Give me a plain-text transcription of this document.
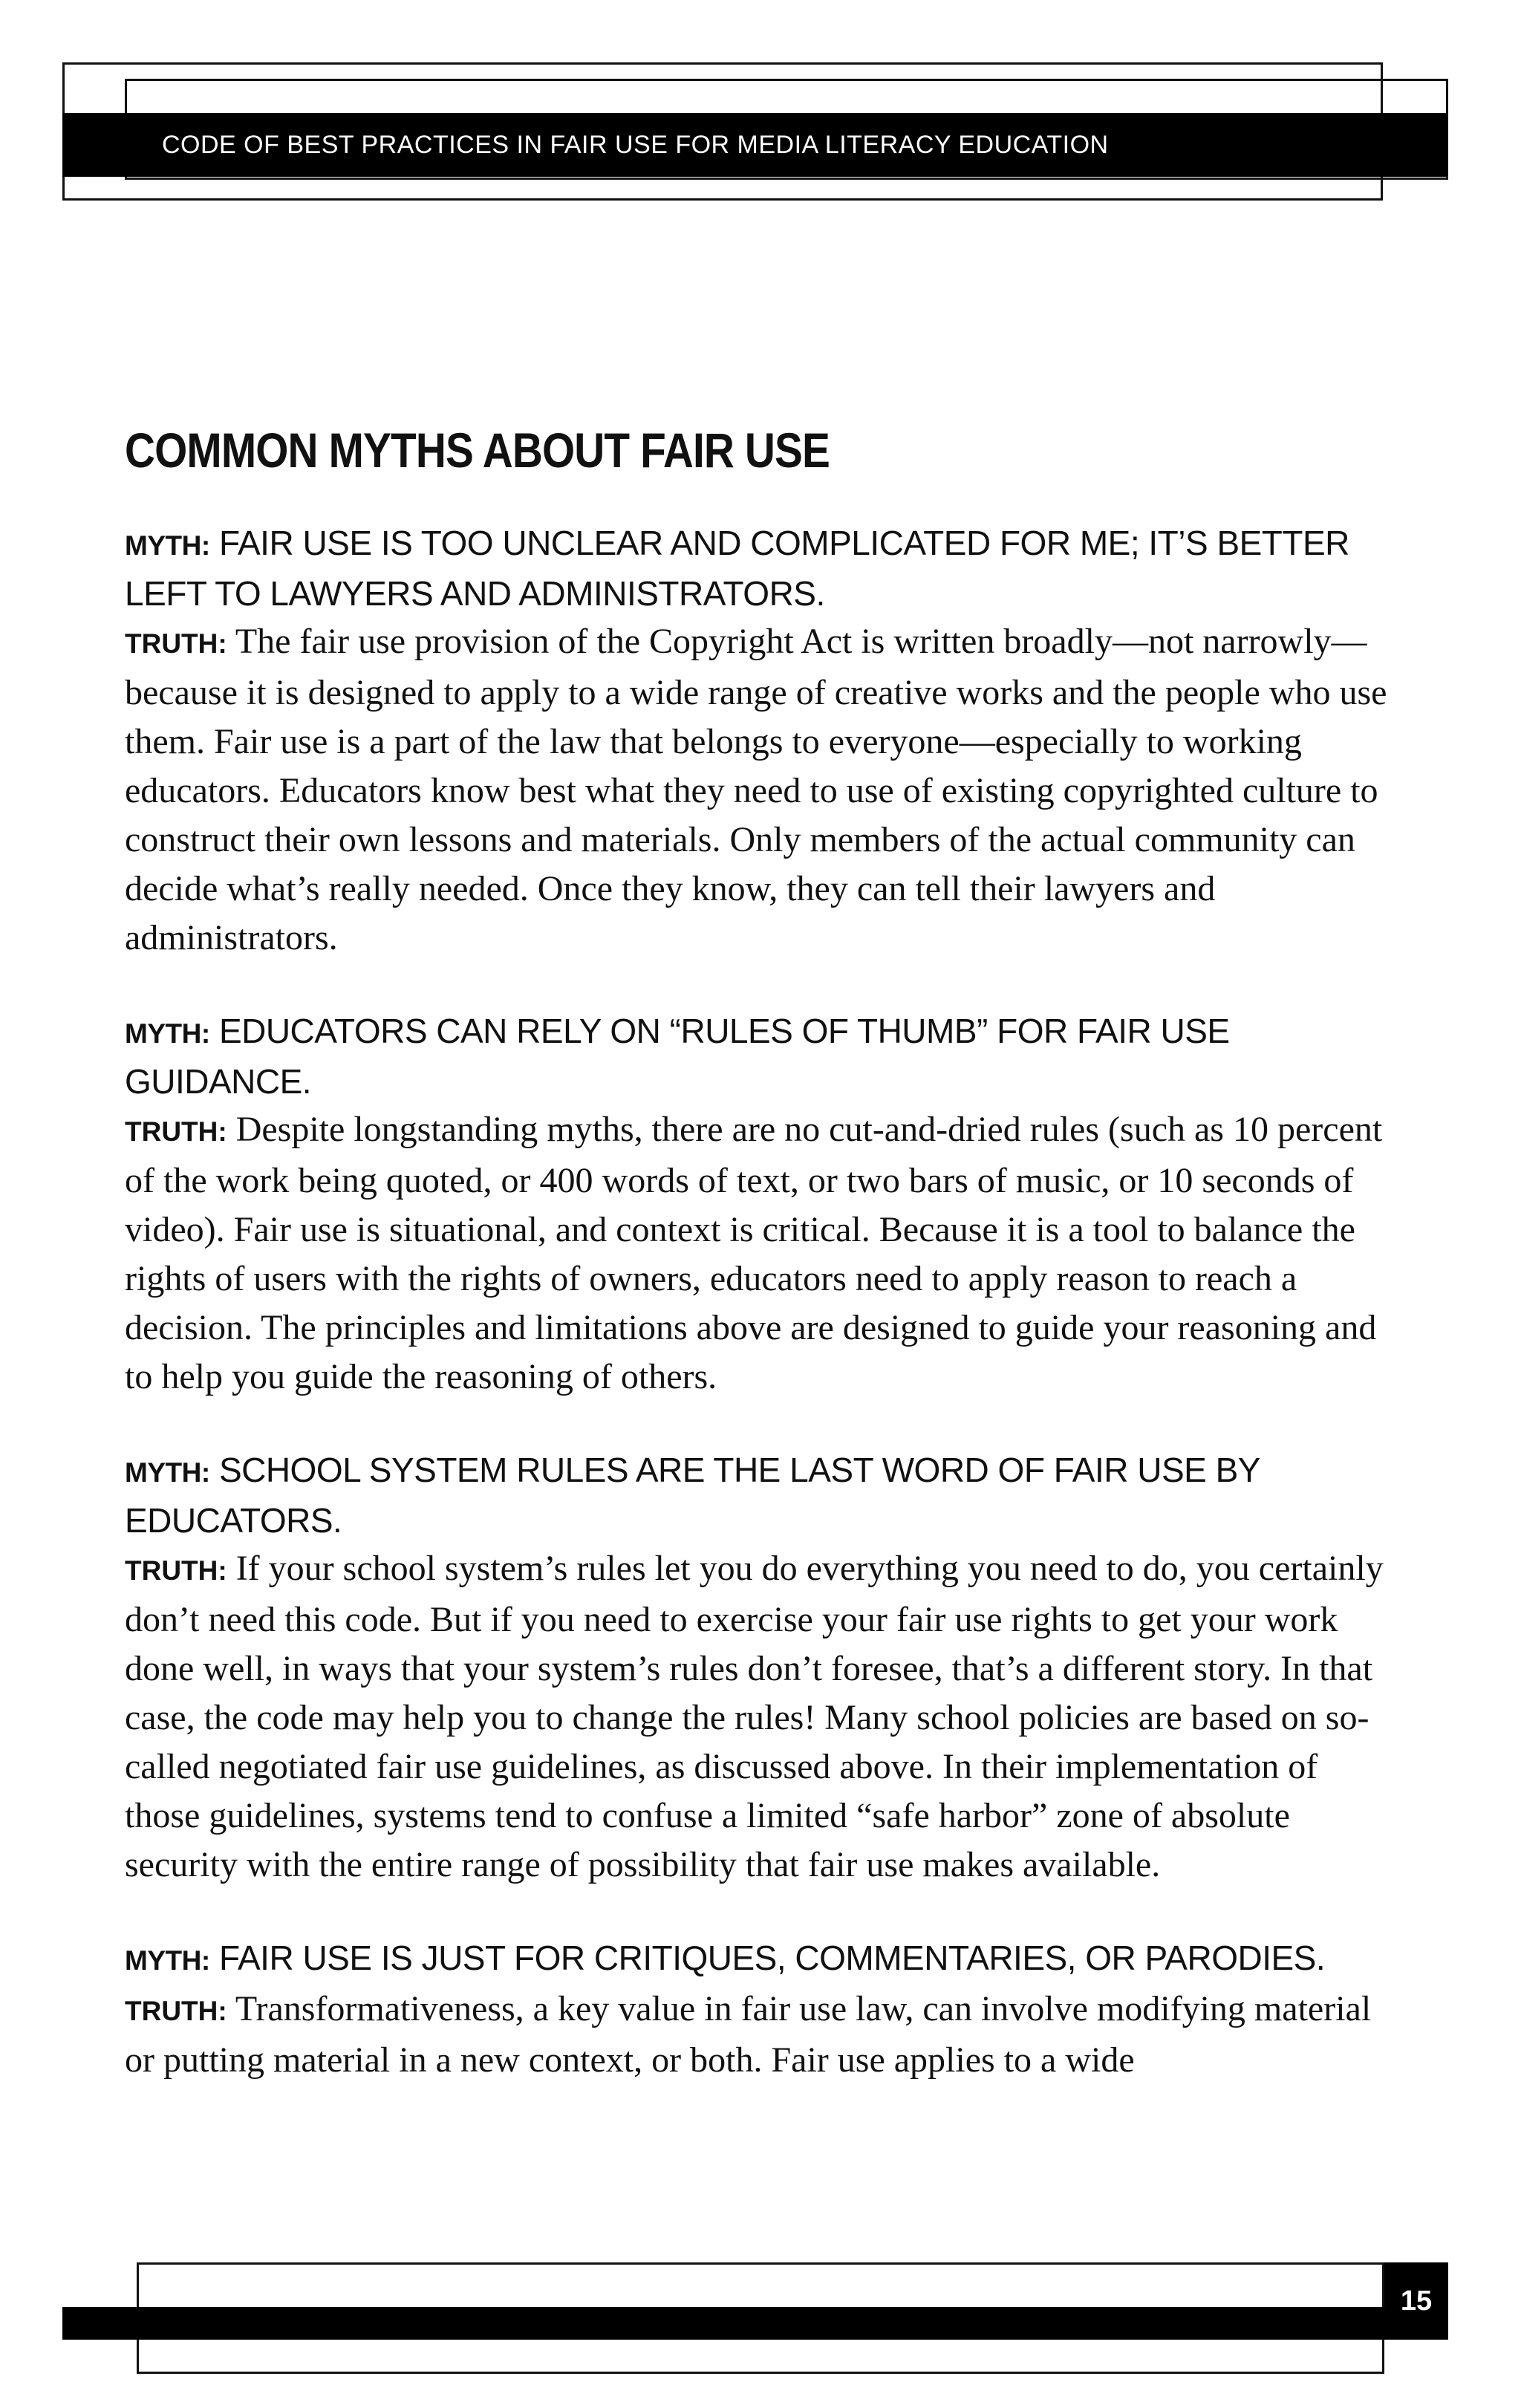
CODE OF BEST PRACTICES IN FAIR USE FOR MEDIA LITERACY EDUCATION
COMMON MYTHS ABOUT FAIR USE

MYTH: FAIR USE IS TOO UNCLEAR AND COMPLICATED FOR ME; IT’S BETTER LEFT TO LAWYERS AND ADMINISTRATORS.

TRUTH: The fair use provision of the Copyright Act is written broadly—not narrowly—because it is designed to apply to a wide range of creative works and the people who use them. Fair use is a part of the law that belongs to everyone—especially to working educators. Educators know best what they need to use of existing copyrighted culture to construct their own lessons and materials. Only members of the actual community can decide what’s really needed. Once they know, they can tell their lawyers and administrators.

MYTH: EDUCATORS CAN RELY ON “RULES OF THUMB” FOR FAIR USE GUIDANCE.

TRUTH: Despite longstanding myths, there are no cut-and-dried rules (such as 10 percent of the work being quoted, or 400 words of text, or two bars of music, or 10 seconds of video). Fair use is situational, and context is critical. Because it is a tool to balance the rights of users with the rights of owners, educators need to apply reason to reach a decision. The principles and limitations above are designed to guide your reasoning and to help you guide the reasoning of others.

MYTH: SCHOOL SYSTEM RULES ARE THE LAST WORD OF FAIR USE BY EDUCATORS.

TRUTH: If your school system’s rules let you do everything you need to do, you certainly don’t need this code. But if you need to exercise your fair use rights to get your work done well, in ways that your system’s rules don’t foresee, that’s a different story. In that case, the code may help you to change the rules! Many school policies are based on so-called negotiated fair use guidelines, as discussed above. In their implementation of those guidelines, systems tend to confuse a limited “safe harbor” zone of absolute security with the entire range of possibility that fair use makes available.

MYTH: FAIR USE IS JUST FOR CRITIQUES, COMMENTARIES, OR PARODIES.

TRUTH: Transformativeness, a key value in fair use law, can involve modifying material or putting material in a new context, or both. Fair use applies to a wide

15
